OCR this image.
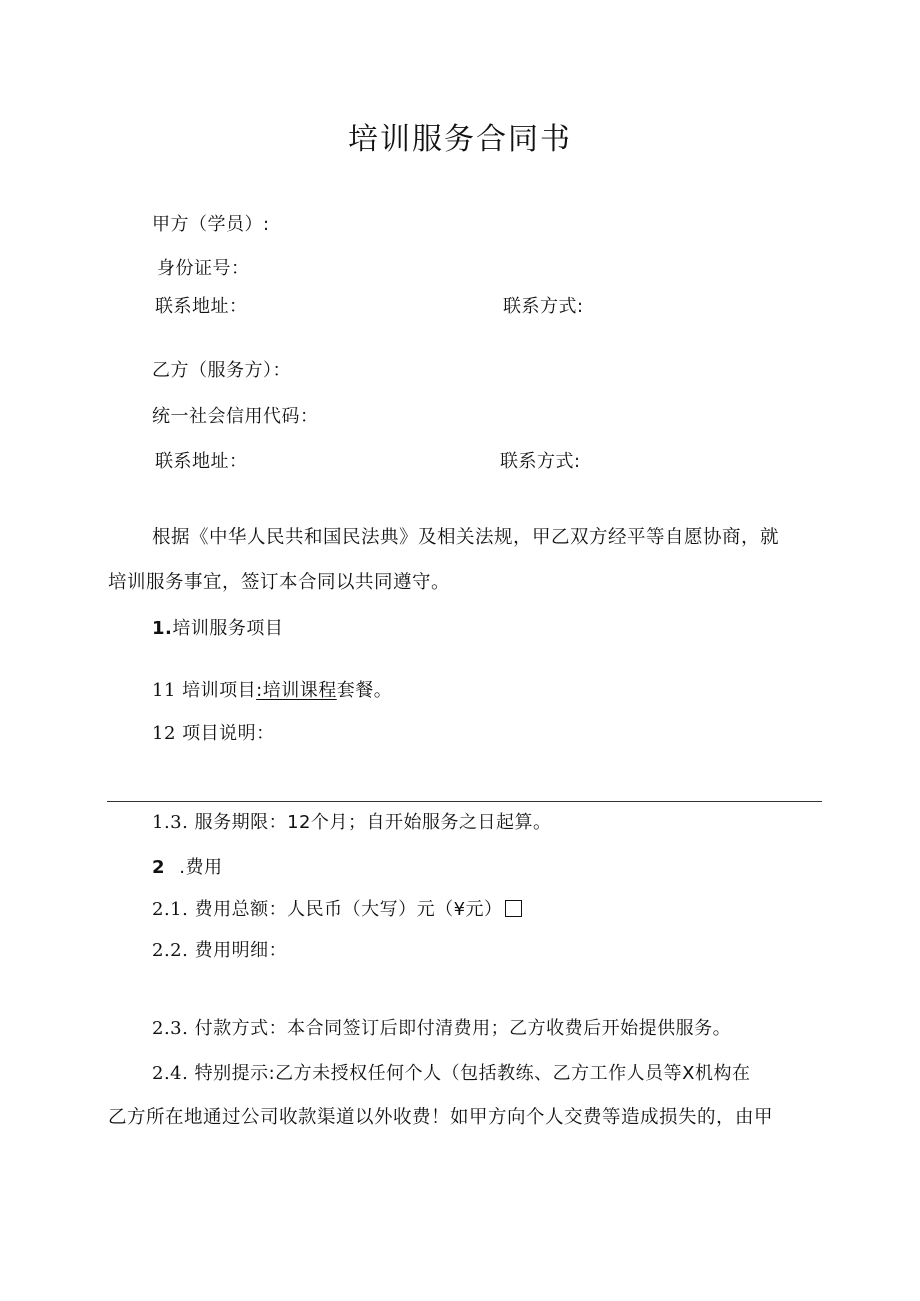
培训服务合同书
甲方（学员）:
身份证号：
联系地址：	联系方式:
乙方（服务方）：
统一社会信用代码：
联系地址：	联系方式:
根据《中华人民共和国民法典》及相关法规，甲乙双方经平等自愿协商，就
培训服务事宜，签订本合同以共同遵守。
1.培训服务项目
11 培训项目:培训课程套餐。
12 项目说明：
1.3. 服务期限：12个月；自开始服务之日起算。
2 .费用
2.1. 费用总额：人民币（大写）元（¥元）
2.2. 费用明细：
2.3. 付款方式：本合同签订后即付清费用；乙方收费后开始提供服务。
2.4. 特别提示:乙方未授权任何个人（包括教练、乙方工作人员等Ⅹ机构在
乙方所在地通过公司收款渠道以外收费！如甲方向个人交费等造成损失的，由甲
